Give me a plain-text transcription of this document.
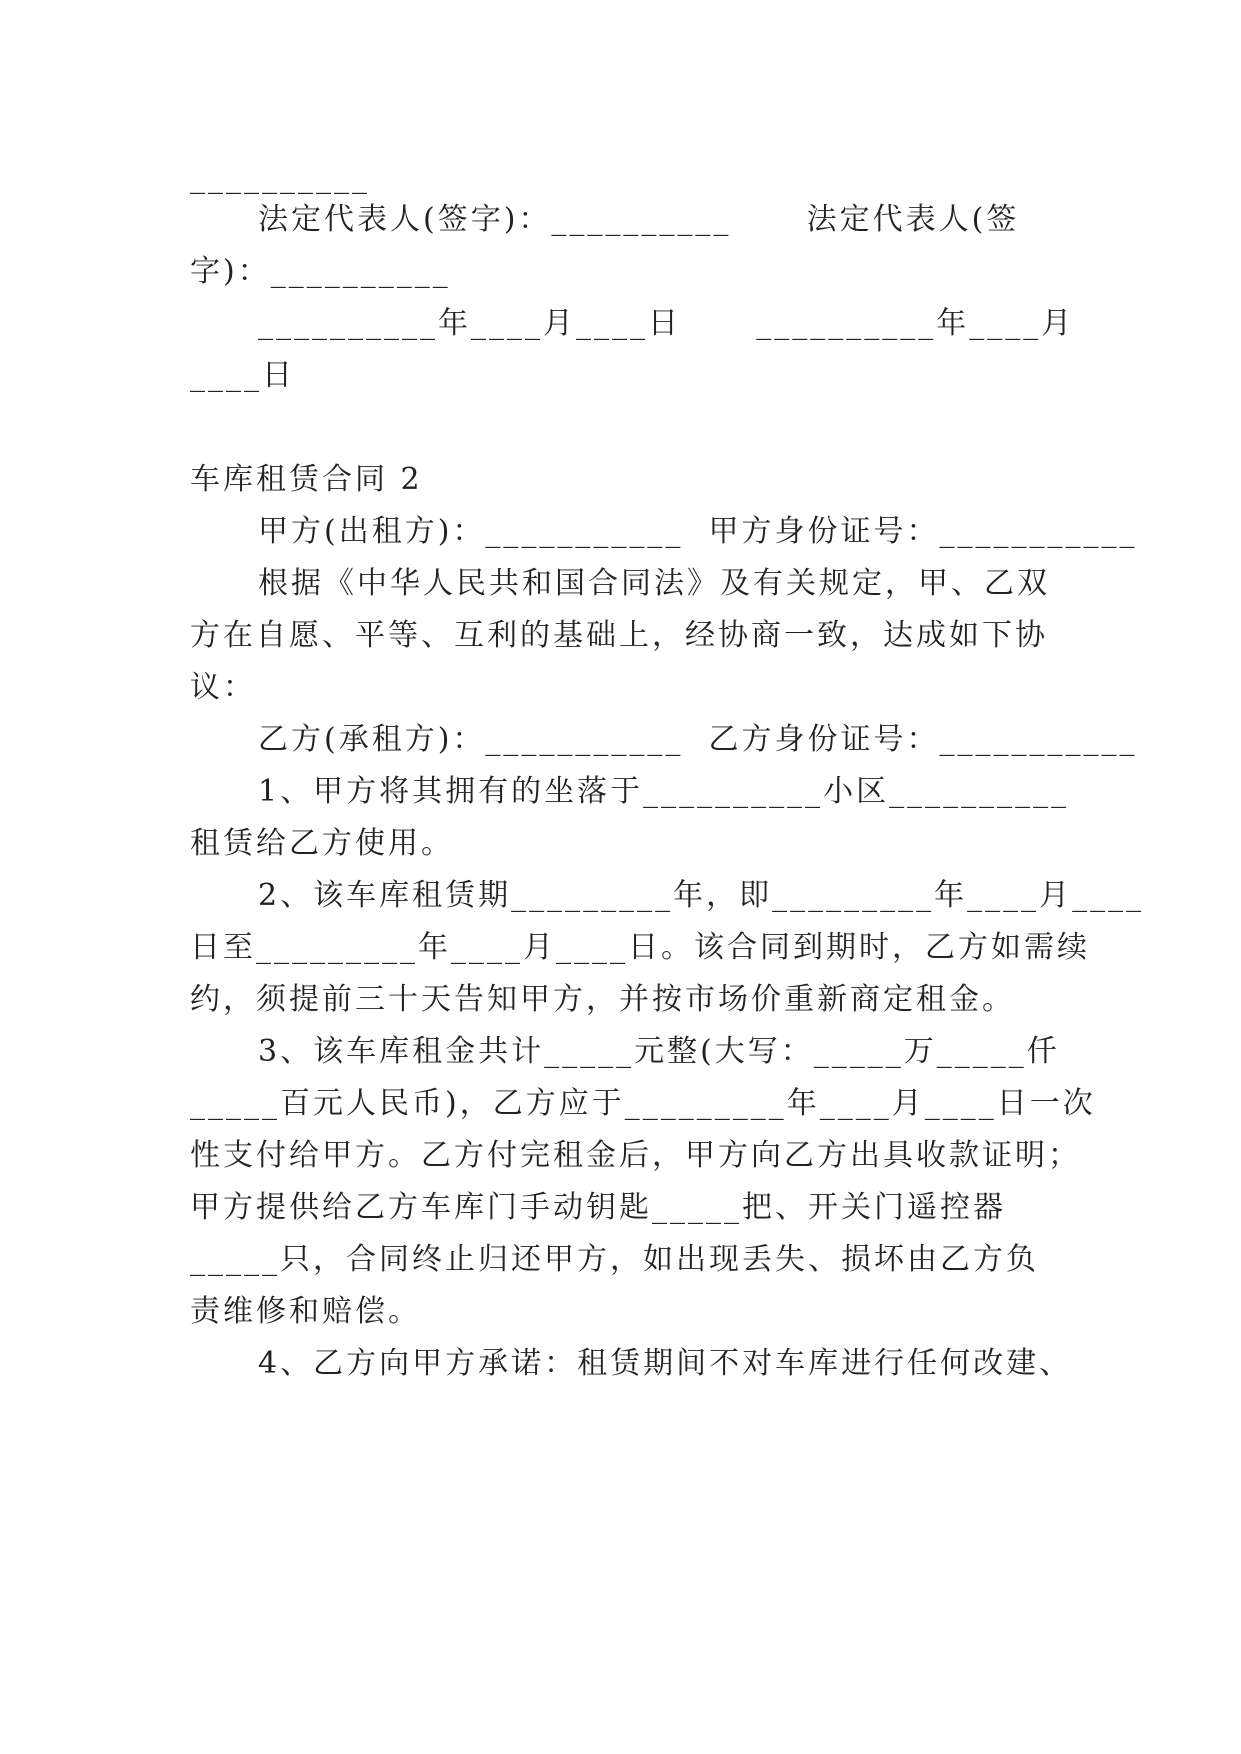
__________
法定代表人(签字)：__________      法定代表人(签
字)：__________
__________年____月____日      __________年____月
____日
车库租赁合同 2
甲方(出租方)：___________  甲方身份证号：___________
根据《中华人民共和国合同法》及有关规定，甲、乙双
方在自愿、平等、互利的基础上，经协商一致，达成如下协
议：
乙方(承租方)：___________  乙方身份证号：___________
1、甲方将其拥有的坐落于__________小区__________
租赁给乙方使用。
2、该车库租赁期_________年，即_________年____月____
日至_________年____月____日。该合同到期时，乙方如需续
约，须提前三十天告知甲方，并按市场价重新商定租金。
3、该车库租金共计_____元整(大写：_____万_____仟
_____百元人民币)，乙方应于_________年____月____日一次
性支付给甲方。乙方付完租金后，甲方向乙方出具收款证明；
甲方提供给乙方车库门手动钥匙_____把、开关门遥控器
_____只，合同终止归还甲方，如出现丢失、损坏由乙方负
责维修和赔偿。
4、乙方向甲方承诺：租赁期间不对车库进行任何改建、
